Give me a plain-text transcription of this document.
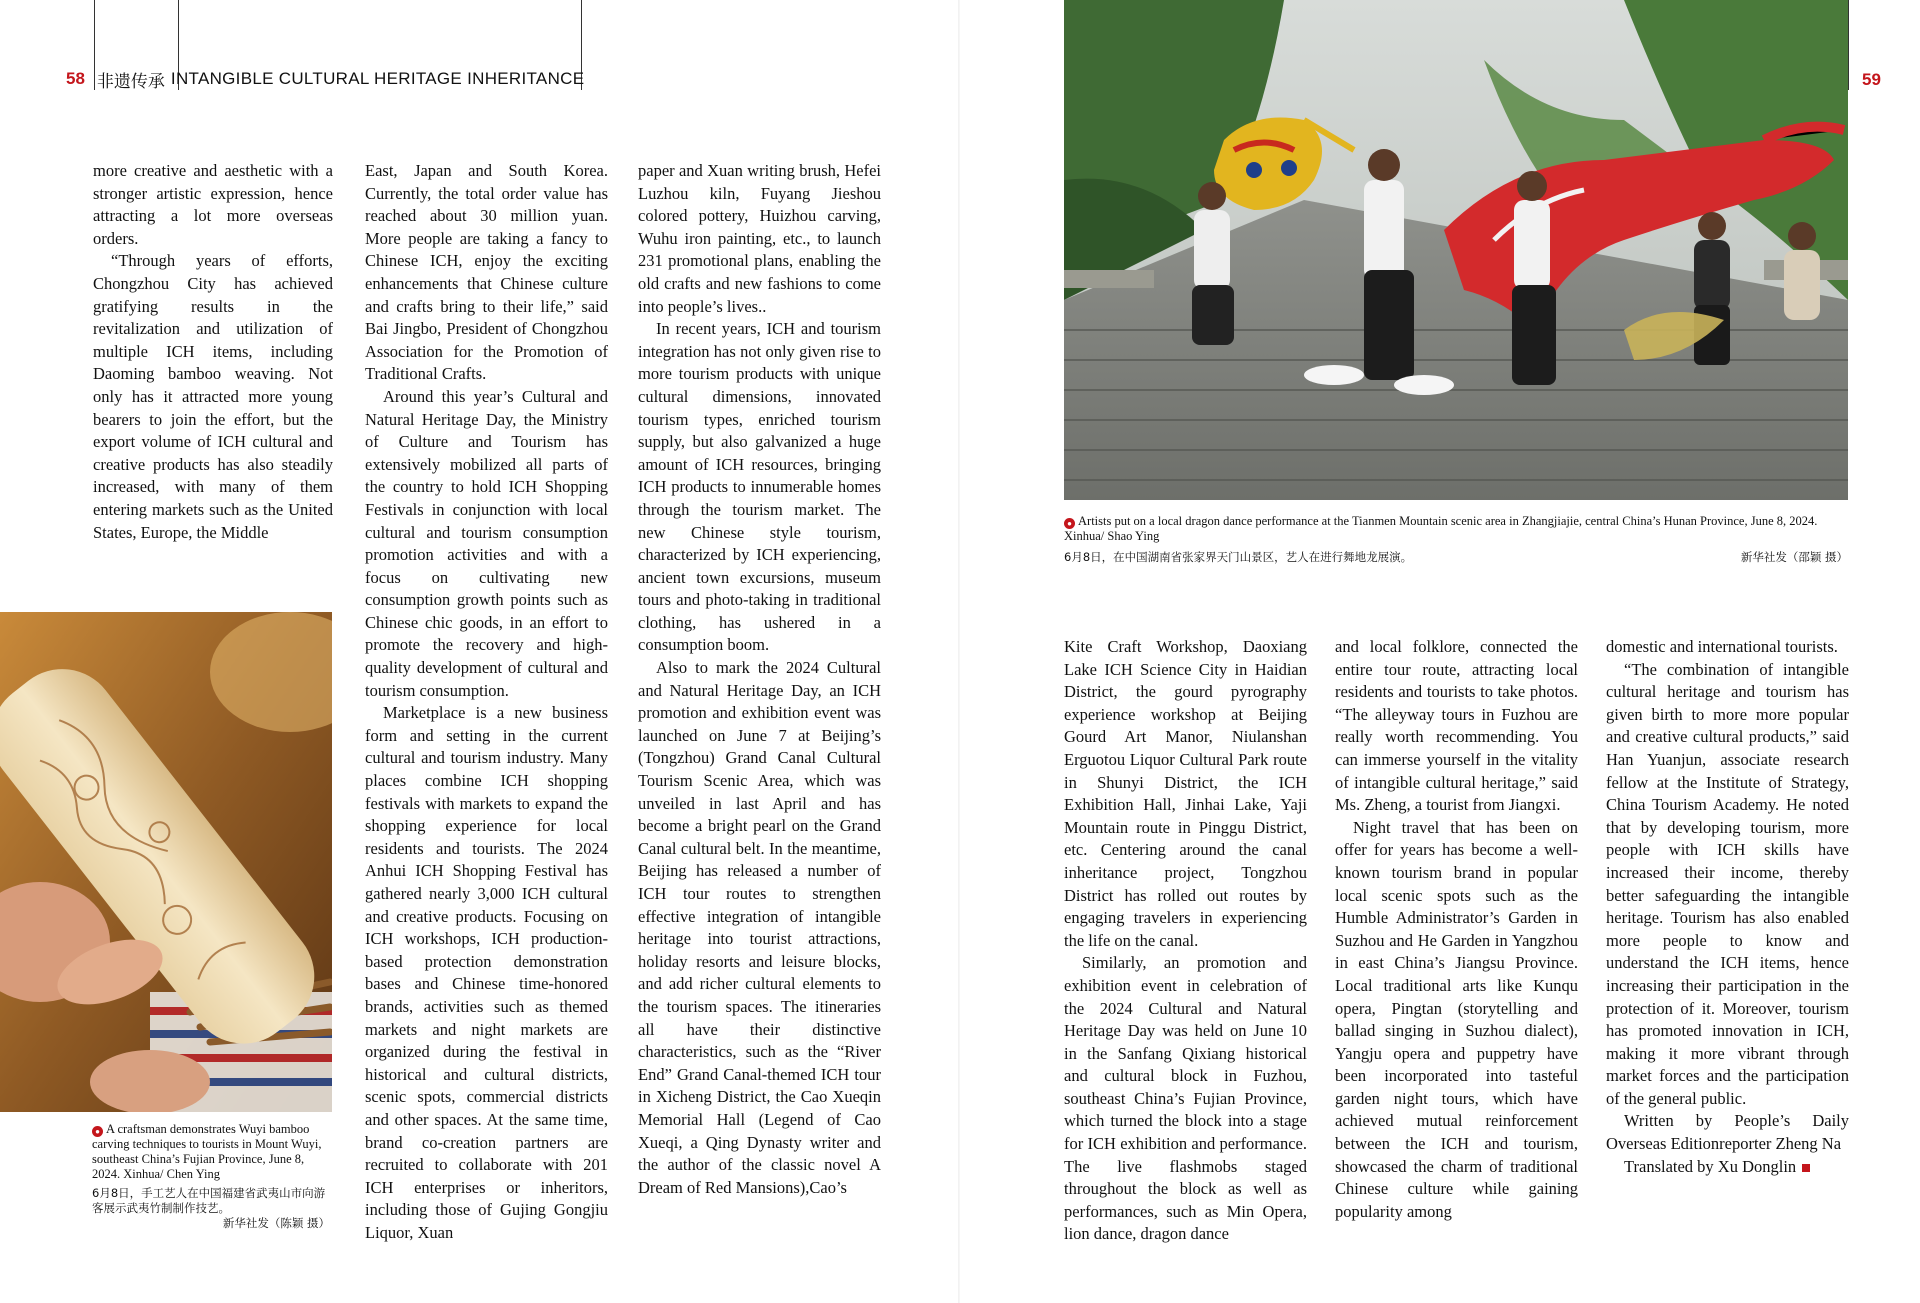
58 非遗传承 INTANGIBLE CULTURAL HERITAGE INHERITANCE

more creative and aesthetic with a stronger artistic expression, hence attracting a lot more overseas orders.

“Through years of efforts, Chongzhou City has achieved gratifying results in the revitalization and utilization of multiple ICH items, including Daoming bamboo weaving. Not only has it attracted more young bearers to join the effort, but the export volume of ICH cultural and creative products has also steadily increased, with many of them entering markets such as the United States, Europe, the Middle

● A craftsman demonstrates Wuyi bamboo carving techniques to tourists in Mount Wuyi, southeast China’s Fujian Province, June 8, 2024. Xinhua/ Chen Ying
6月8日，手工艺人在中国福建省武夷山市向游客展示武夷竹制制作技艺。
新华社发（陈颖 摄）

East, Japan and South Korea. Currently, the total order value has reached about 30 million yuan. More people are taking a fancy to Chinese ICH, enjoy the exciting enhancements that Chinese culture and crafts bring to their life,” said Bai Jingbo, President of Chongzhou Association for the Promotion of Traditional Crafts.

Around this year’s Cultural and Natural Heritage Day, the Ministry of Culture and Tourism has extensively mobilized all parts of the country to hold ICH Shopping Festivals in conjunction with local cultural and tourism consumption promotion activities and with a focus on cultivating new consumption growth points such as Chinese chic goods, in an effort to promote the recovery and high-quality development of cultural and tourism consumption.

Marketplace is a new business form and setting in the current cultural and tourism industry. Many places combine ICH shopping festivals with markets to expand the shopping experience for local residents and tourists. The 2024 Anhui ICH Shopping Festival has gathered nearly 3,000 ICH cultural and creative products. Focusing on ICH workshops, ICH production-based protection demonstration bases and Chinese time-honored brands, activities such as themed markets and night markets are organized during the festival in historical and cultural districts, scenic spots, commercial districts and other spaces. At the same time, brand co-creation partners are recruited to collaborate with 201 ICH enterprises or inheritors, including those of Gujing Gongjiu Liquor, Xuan

paper and Xuan writing brush, Hefei Luzhou kiln, Fuyang Jieshou colored pottery, Huizhou carving, Wuhu iron painting, etc., to launch 231 promotional plans, enabling the old crafts and new fashions to come into people’s lives..

In recent years, ICH and tourism integration has not only given rise to more tourism products with unique cultural dimensions, innovated tourism types, enriched tourism supply, but also galvanized a huge amount of ICH resources, bringing ICH products to innumerable homes through the tourism market. The new Chinese style tourism, characterized by ICH experiencing, ancient town excursions, museum tours and photo-taking in traditional clothing, has ushered in a consumption boom.

Also to mark the 2024 Cultural and Natural Heritage Day, an ICH promotion and exhibition event was launched on June 7 at Beijing’s (Tongzhou) Grand Canal Cultural Tourism Scenic Area, which was unveiled in last April and has become a bright pearl on the Grand Canal cultural belt. In the meantime, Beijing has released a number of ICH tour routes to strengthen effective integration of intangible heritage into tourist attractions, holiday resorts and leisure blocks, and add richer cultural elements to the tourism spaces. The itineraries all have their distinctive characteristics, such as the “River End” Grand Canal-themed ICH tour in Xicheng District, the Cao Xueqin Memorial Hall (Legend of Cao Xueqi, a Qing Dynasty writer and the author of the classic novel A Dream of Red Mansions),Cao’s

59
● Artists put on a local dragon dance performance at the Tianmen Mountain scenic area in Zhangjiajie, central China’s Hunan Province, June 8, 2024. Xinhua/ Shao Ying
6月8日，在中国湖南省张家界天门山景区，艺人在进行舞地龙展演。	新华社发（邵颖 摄）

Kite Craft Workshop, Daoxiang Lake ICH Science City in Haidian District, the gourd pyrography experience workshop at Beijing Gourd Art Manor, Niulanshan Erguotou Liquor Cultural Park route in Shunyi District, the ICH Exhibition Hall, Jinhai Lake, Yaji Mountain route in Pinggu District, etc. Centering around the canal inheritance project, Tongzhou District has rolled out routes by engaging travelers in experiencing the life on the canal.

Similarly, an promotion and exhibition event in celebration of the 2024 Cultural and Natural Heritage Day was held on June 10 in the Sanfang Qixiang historical and cultural block in Fuzhou, southeast China’s Fujian Province, which turned the block into a stage for ICH exhibition and performance. The live flashmobs staged throughout the block as well as performances, such as Min Opera, lion dance, dragon dance

and local folklore, connected the entire tour route, attracting local residents and tourists to take photos. “The alleyway tours in Fuzhou are really worth recommending. You can immerse yourself in the vitality of intangible cultural heritage,” said Ms. Zheng, a tourist from Jiangxi.

Night travel that has been on offer for years has become a well-known tourism brand in popular local scenic spots such as the Humble Administrator’s Garden in Suzhou and He Garden in Yangzhou in east China’s Jiangsu Province. Local traditional arts like Kunqu opera, Pingtan (storytelling and ballad singing in Suzhou dialect), Yangju opera and puppetry have been incorporated into tasteful garden night tours, which have achieved mutual reinforcement between the ICH and tourism, showcased the charm of traditional Chinese culture while gaining popularity among

domestic and international tourists.

“The combination of intangible cultural heritage and tourism has given birth to more more popular and creative cultural products,” said Han Yuanjun, associate research fellow at the Institute of Strategy, China Tourism Academy. He noted that by developing tourism, more people with ICH skills have increased their income, thereby better safeguarding the intangible heritage. Tourism has also enabled more people to know and understand the ICH items, hence increasing their participation in the protection of it. Moreover, tourism has promoted innovation in ICH, making it more vibrant through market forces and the participation of the general public.

Written by People’s Daily Overseas Editionreporter Zheng Na

Translated by Xu Donglin
